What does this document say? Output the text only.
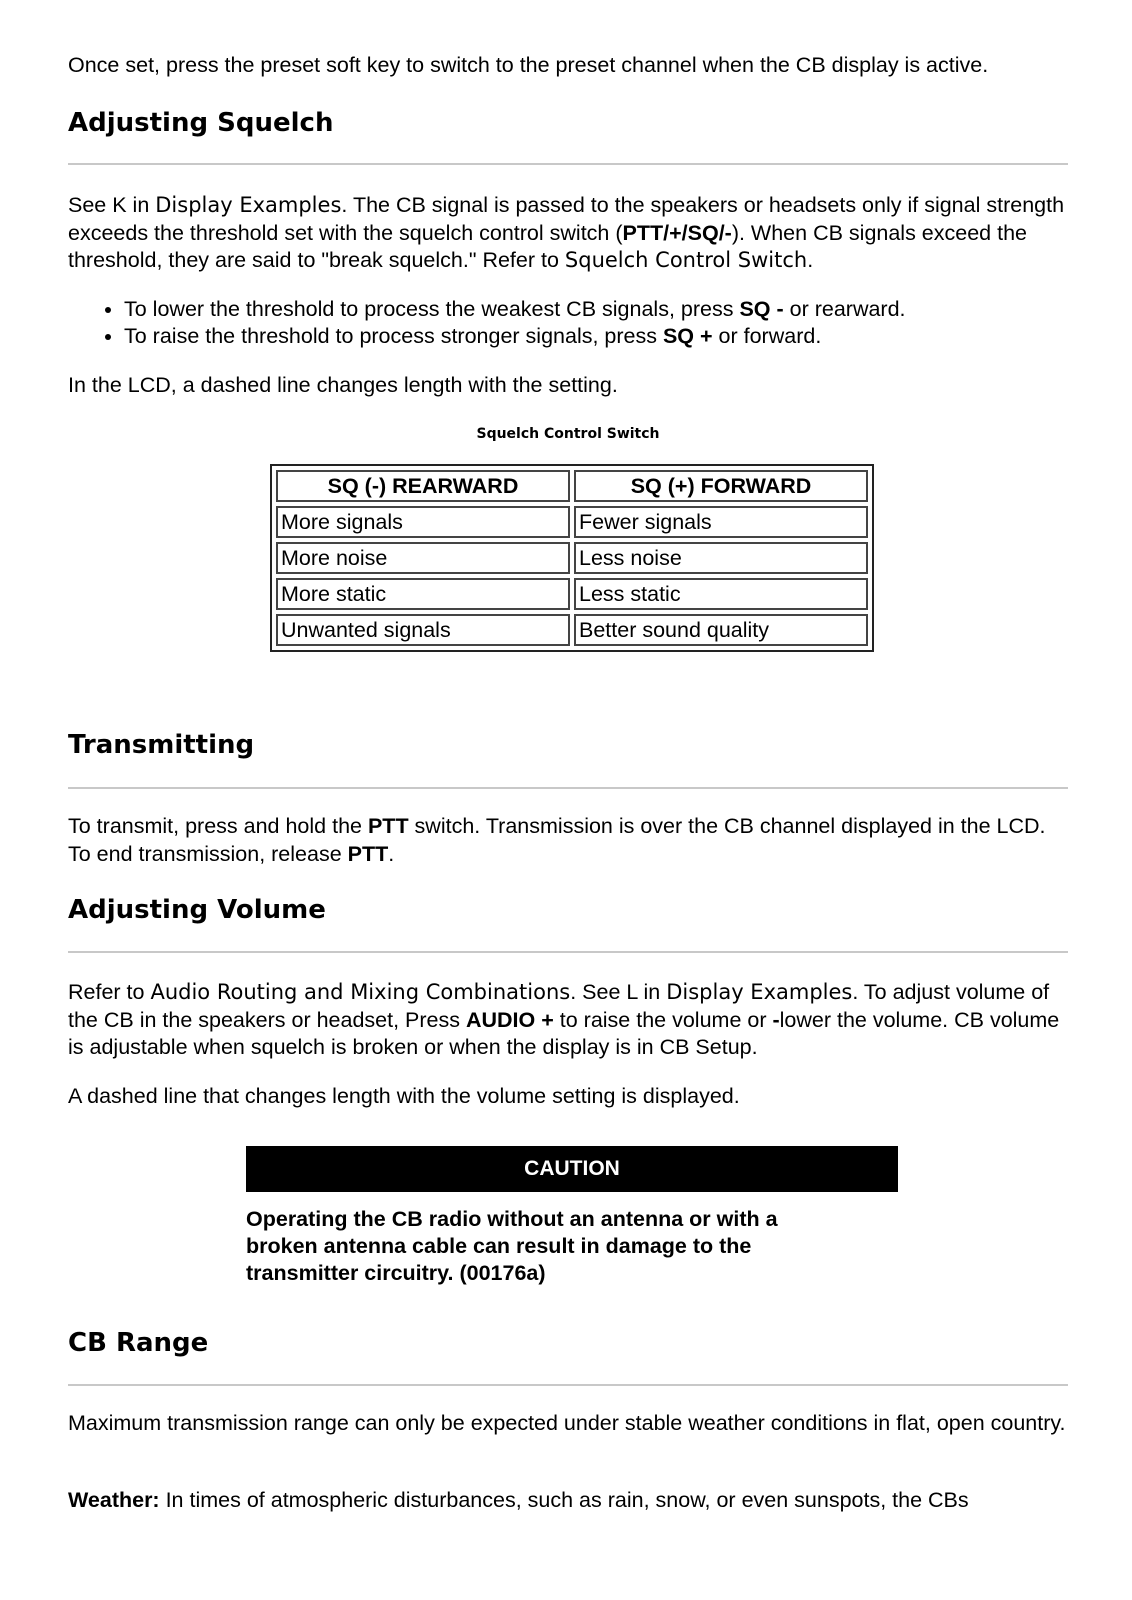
Once set, press the preset soft key to switch to the preset channel when the CB display is active.

Adjusting Squelch

See K in Display Examples. The CB signal is passed to the speakers or headsets only if signal strength exceeds the threshold set with the squelch control switch (PTT/+/SQ/-). When CB signals exceed the threshold, they are said to "break squelch." Refer to Squelch Control Switch.

• To lower the threshold to process the weakest CB signals, press SQ - or rearward.
• To raise the threshold to process stronger signals, press SQ + or forward.

In the LCD, a dashed line changes length with the setting.

Squelch Control Switch
SQ (-) REARWARD	SQ (+) FORWARD
More signals	Fewer signals
More noise	Less noise
More static	Less static
Unwanted signals	Better sound quality
Transmitting

To transmit, press and hold the PTT switch. Transmission is over the CB channel displayed in the LCD. To end transmission, release PTT.

Adjusting Volume

Refer to Audio Routing and Mixing Combinations. See L in Display Examples. To adjust volume of the CB in the speakers or headset, Press AUDIO + to raise the volume or -lower the volume. CB volume is adjustable when squelch is broken or when the display is in CB Setup.

A dashed line that changes length with the volume setting is displayed.

CAUTION

Operating the CB radio without an antenna or with a broken antenna cable can result in damage to the transmitter circuitry. (00176a)

CB Range

Maximum transmission range can only be expected under stable weather conditions in flat, open country.

Weather: In times of atmospheric disturbances, such as rain, snow, or even sunspots, the CBs
